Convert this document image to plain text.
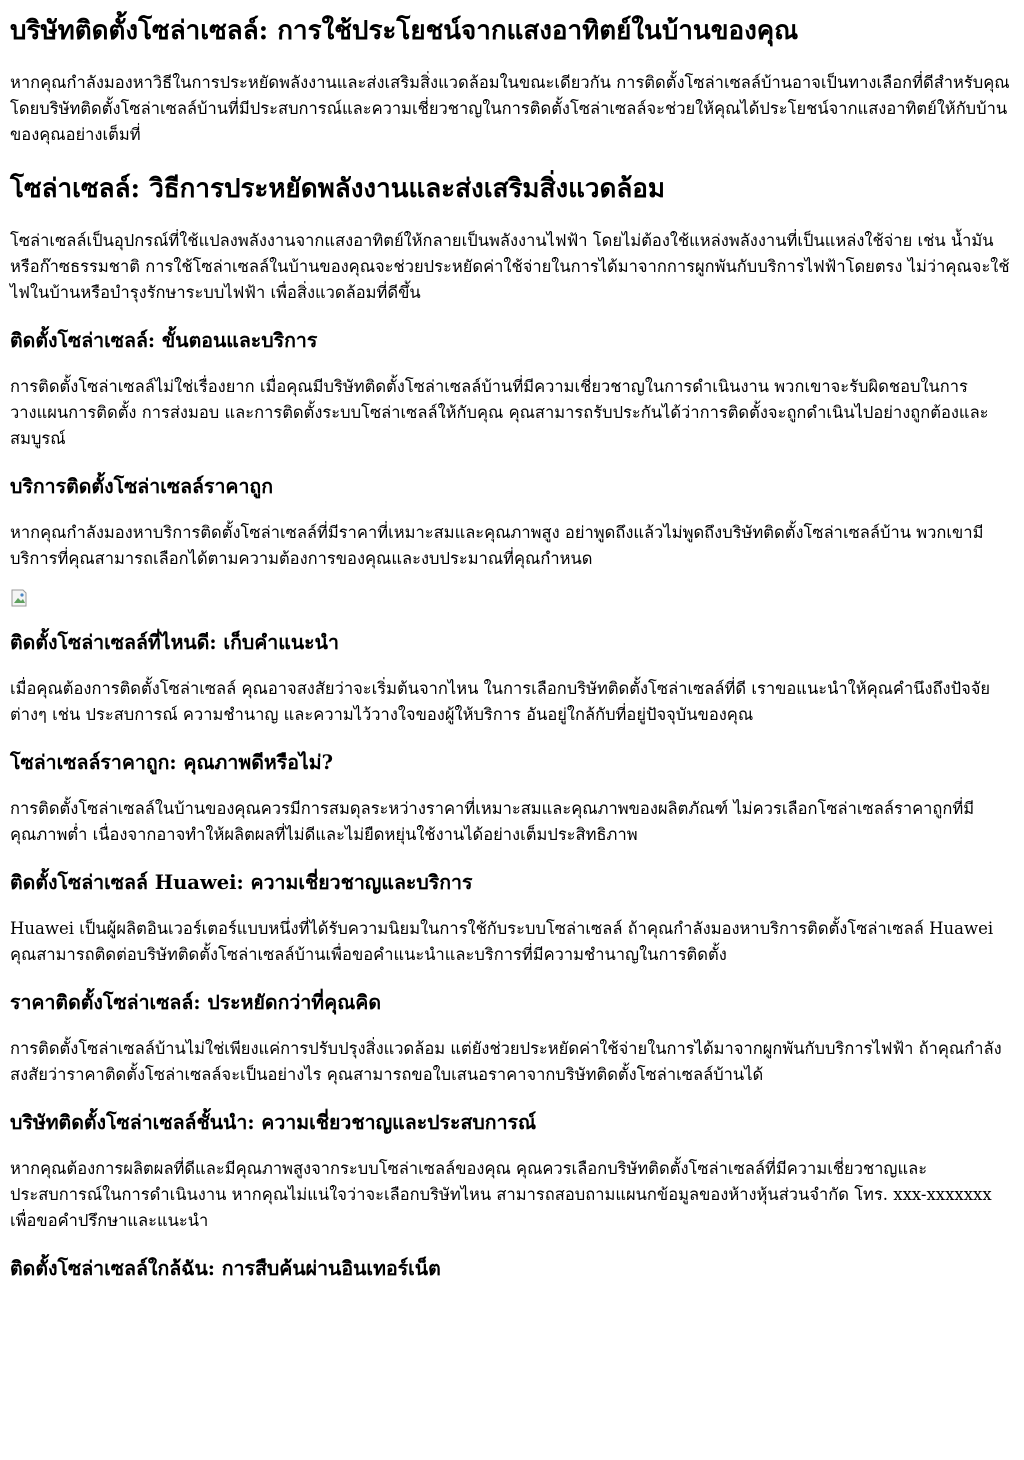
บริษัทติดตั้งโซล่าเซลล์: การใช้ประโยชน์จากแสงอาทิตย์ในบ้านของคุณ

หากคุณกำลังมองหาวิธีในการประหยัดพลังงานและส่งเสริมสิ่งแวดล้อมในขณะเดียวกัน การติดตั้งโซล่าเซลล์บ้านอาจเป็นทางเลือกที่ดีสำหรับคุณ โดยบริษัทติดตั้งโซล่าเซลล์บ้านที่มีประสบการณ์และความเชี่ยวชาญในการติดตั้งโซล่าเซลล์จะช่วยให้คุณได้ประโยชน์จากแสงอาทิตย์ให้กับบ้านของคุณอย่างเต็มที่

โซล่าเซลล์: วิธีการประหยัดพลังงานและส่งเสริมสิ่งแวดล้อม

โซล่าเซลล์เป็นอุปกรณ์ที่ใช้แปลงพลังงานจากแสงอาทิตย์ให้กลายเป็นพลังงานไฟฟ้า โดยไม่ต้องใช้แหล่งพลังงานที่เป็นแหล่งใช้จ่าย เช่น น้ำมันหรือก๊าซธรรมชาติ การใช้โซล่าเซลล์ในบ้านของคุณจะช่วยประหยัดค่าใช้จ่ายในการได้มาจากการผูกพันกับบริการไฟฟ้าโดยตรง ไม่ว่าคุณจะใช้ไฟในบ้านหรือบำรุงรักษาระบบไฟฟ้า เพื่อสิ่งแวดล้อมที่ดีขึ้น

ติดตั้งโซล่าเซลล์: ขั้นตอนและบริการ

การติดตั้งโซล่าเซลล์ไม่ใช่เรื่องยาก เมื่อคุณมีบริษัทติดตั้งโซล่าเซลล์บ้านที่มีความเชี่ยวชาญในการดำเนินงาน พวกเขาจะรับผิดชอบในการวางแผนการติดตั้ง การส่งมอบ และการติดตั้งระบบโซล่าเซลล์ให้กับคุณ คุณสามารถรับประกันได้ว่าการติดตั้งจะถูกดำเนินไปอย่างถูกต้องและสมบูรณ์

บริการติดตั้งโซล่าเซลล์ราคาถูก

หากคุณกำลังมองหาบริการติดตั้งโซล่าเซลล์ที่มีราคาที่เหมาะสมและคุณภาพสูง อย่าพูดถึงแล้วไม่พูดถึงบริษัทติดตั้งโซล่าเซลล์บ้าน พวกเขามีบริการที่คุณสามารถเลือกได้ตามความต้องการของคุณและงบประมาณที่คุณกำหนด

ติดตั้งโซล่าเซลล์ที่ไหนดี: เก็บคำแนะนำ

เมื่อคุณต้องการติดตั้งโซล่าเซลล์ คุณอาจสงสัยว่าจะเริ่มต้นจากไหน ในการเลือกบริษัทติดตั้งโซล่าเซลล์ที่ดี เราขอแนะนำให้คุณคำนึงถึงปัจจัยต่างๆ เช่น ประสบการณ์ ความชำนาญ และความไว้วางใจของผู้ให้บริการ อันอยู่ใกล้กับที่อยู่ปัจจุบันของคุณ

โซล่าเซลล์ราคาถูก: คุณภาพดีหรือไม่?

การติดตั้งโซล่าเซลล์ในบ้านของคุณควรมีการสมดุลระหว่างราคาที่เหมาะสมและคุณภาพของผลิตภัณฑ์ ไม่ควรเลือกโซล่าเซลล์ราคาถูกที่มีคุณภาพต่ำ เนื่องจากอาจทำให้ผลิตผลที่ไม่ดีและไม่ยืดหยุ่นใช้งานได้อย่างเต็มประสิทธิภาพ

ติดตั้งโซล่าเซลล์ Huawei: ความเชี่ยวชาญและบริการ

Huawei เป็นผู้ผลิตอินเวอร์เตอร์แบบหนึ่งที่ได้รับความนิยมในการใช้กับระบบโซล่าเซลล์ ถ้าคุณกำลังมองหาบริการติดตั้งโซล่าเซลล์ Huawei คุณสามารถติดต่อบริษัทติดตั้งโซล่าเซลล์บ้านเพื่อขอคำแนะนำและบริการที่มีความชำนาญในการติดตั้ง

ราคาติดตั้งโซล่าเซลล์: ประหยัดกว่าที่คุณคิด

การติดตั้งโซล่าเซลล์บ้านไม่ใช่เพียงแค่การปรับปรุงสิ่งแวดล้อม แต่ยังช่วยประหยัดค่าใช้จ่ายในการได้มาจากผูกพันกับบริการไฟฟ้า ถ้าคุณกำลังสงสัยว่าราคาติดตั้งโซล่าเซลล์จะเป็นอย่างไร คุณสามารถขอใบเสนอราคาจากบริษัทติดตั้งโซล่าเซลล์บ้านได้

บริษัทติดตั้งโซล่าเซลล์ชั้นนำ: ความเชี่ยวชาญและประสบการณ์

หากคุณต้องการผลิตผลที่ดีและมีคุณภาพสูงจากระบบโซล่าเซลล์ของคุณ คุณควรเลือกบริษัทติดตั้งโซล่าเซลล์ที่มีความเชี่ยวชาญและประสบการณ์ในการดำเนินงาน หากคุณไม่แน่ใจว่าจะเลือกบริษัทไหน สามารถสอบถามแผนกข้อมูลของห้างหุ้นส่วนจำกัด โทร. xxx-xxxxxxx เพื่อขอคำปรึกษาและแนะนำ

ติดตั้งโซล่าเซลล์ใกล้ฉัน: การสืบค้นผ่านอินเทอร์เน็ต
